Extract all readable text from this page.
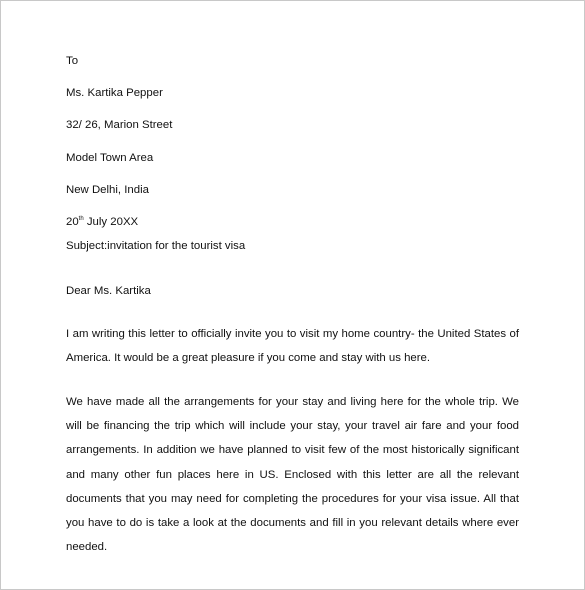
To
Ms. Kartika Pepper
32/ 26, Marion Street
Model Town Area
New Delhi, India
20th July 20XX
Subject:invitation for the tourist visa
Dear Ms. Kartika
I am writing this letter to officially invite you to visit my home country- the United States of America. It would be a great pleasure if you come and stay with us here.
We have made all the arrangements for your stay and living here for the whole trip. We will be financing the trip which will include your stay, your travel air fare and your food arrangements. In addition we have planned to visit few of the most historically significant and many other fun places here in US. Enclosed with this letter are all the relevant documents that you may need for completing the procedures for your visa issue. All that you have to do is take a look at the documents and fill in you relevant details where ever needed.
